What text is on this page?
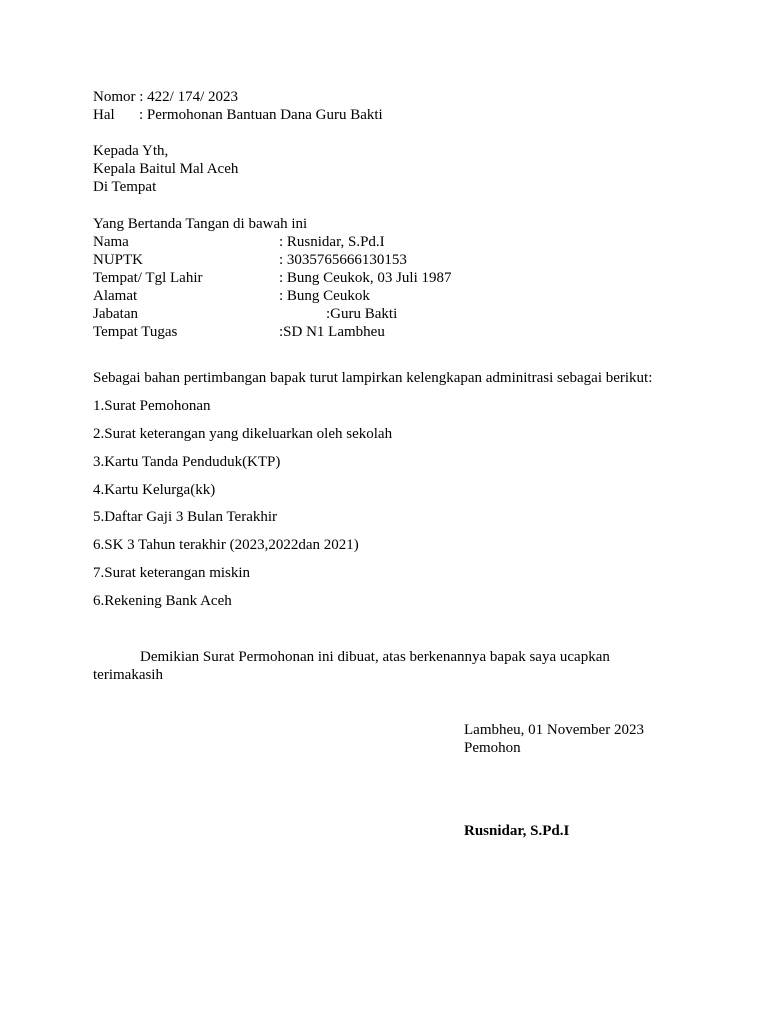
Nomor : 422/ 174/ 2023
Hal : Permohonan Bantuan Dana Guru Bakti
Kepada Yth,
Kepala Baitul Mal Aceh
Di Tempat
Yang Bertanda Tangan di bawah ini
Nama	: Rusnidar, S.Pd.I
NUPTK	: 3035765666130153
Tempat/ Tgl Lahir	: Bung Ceukok, 03 Juli 1987
Alamat	: Bung Ceukok
Jabatan	:Guru Bakti
Tempat Tugas	:SD N1 Lambheu
Sebagai bahan pertimbangan bapak turut lampirkan kelengkapan adminitrasi sebagai berikut:
1.Surat Pemohonan
2.Surat keterangan yang dikeluarkan oleh sekolah
3.Kartu Tanda Penduduk(KTP)
4.Kartu Kelurga(kk)
5.Daftar Gaji 3 Bulan Terakhir
6.SK 3 Tahun terakhir (2023,2022dan 2021)
7.Surat keterangan miskin
6.Rekening Bank Aceh
Demikian Surat Permohonan ini dibuat, atas berkenannya bapak saya ucapkan
terimakasih
Lambheu, 01 November 2023
Pemohon
Rusnidar, S.Pd.I
